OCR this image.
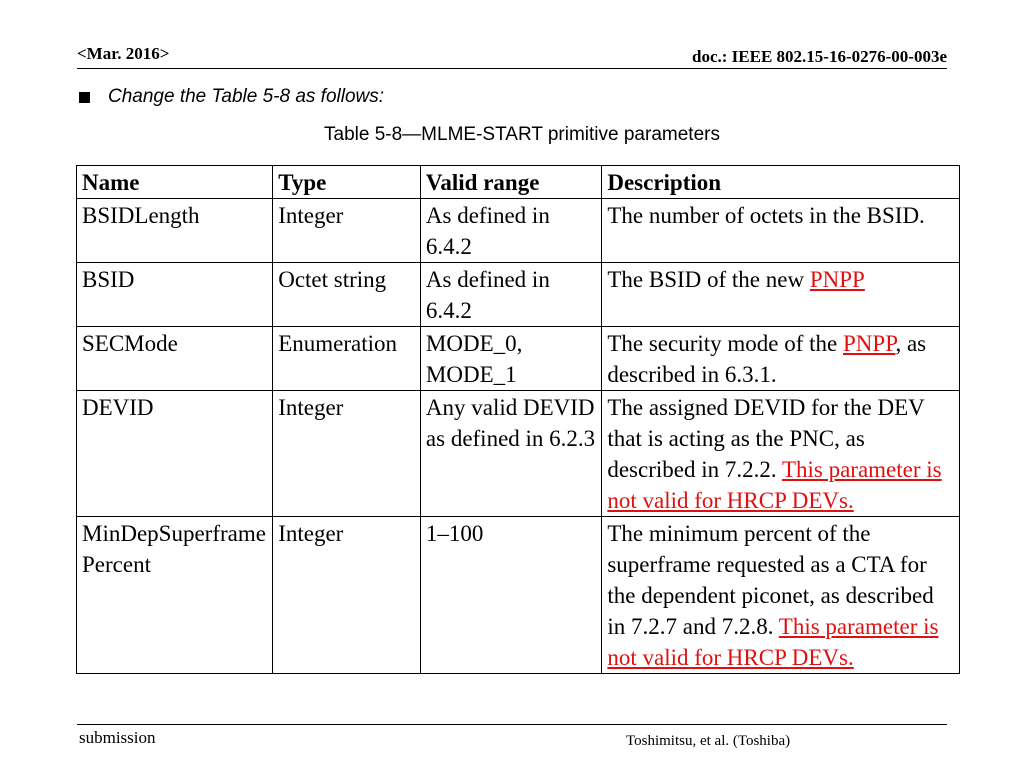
<Mar. 2016>	doc.: IEEE 802.15-16-0276-00-003e
Change the Table 5-8 as follows:
Table 5-8—MLME-START primitive parameters
Name	Type	Valid range	Description
BSIDLength	Integer	As defined in 6.4.2	The number of octets in the BSID.
BSID	Octet string	As defined in 6.4.2	The BSID of the new PNPP
SECMode	Enumeration	MODE_0, MODE_1	The security mode of the PNPP, as described in 6.3.1.
DEVID	Integer	Any valid DEVID as defined in 6.2.3	The assigned DEVID for the DEV that is acting as the PNC, as described in 7.2.2. This parameter is not valid for HRCP DEVs.
MinDepSuperframePercent	Integer	1–100	The minimum percent of the superframe requested as a CTA for the dependent piconet, as described in 7.2.7 and 7.2.8. This parameter is not valid for HRCP DEVs.
submission	Toshimitsu, et al. (Toshiba)
